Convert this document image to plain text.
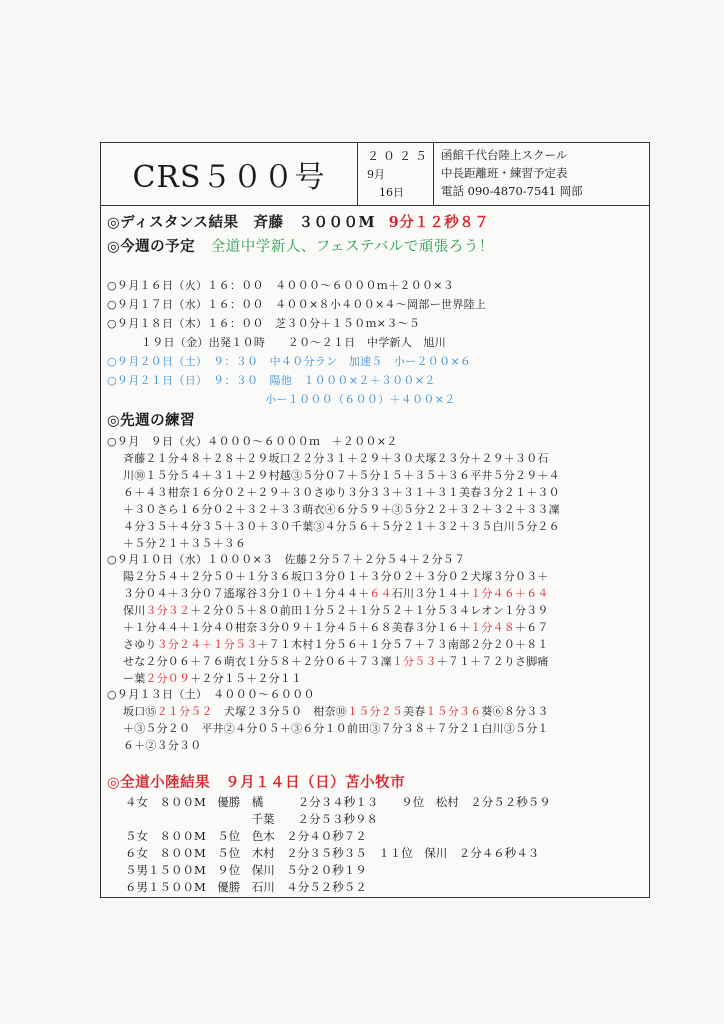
CRS５００号
２０２５
9月
16日
函館千代台陸上スクール
中長距離班・練習予定表
電話 090-4870-7541 岡部
◎ディスタンス結果　斉藤　３０００M 9分１２秒８７
◎今週の予定 全道中学新人、フェステバルで頑張ろう！
○９月１６日（火）１６：００　４０００〜６０００ｍ＋２００×３
○９月１７日（水）１６：００　４００×８小４００×４〜岡部ー世界陸上
○９月１８日（木）１６：００　芝３０分＋１５０ｍ×３〜５
　　　１９日（金）出発１０時　　２０〜２１日　中学新人　旭川
○９月２０日（土）　９：３０　中４０分ラン　加速５　小ー２００×６
○９月２１日（日）　９：３０　陽他　１０００×２＋３００×２
　　　　　　　　　　　　　　小ー１０００（６００）＋４００×２
◎先週の練習
○９月　９日（火）４０００〜６０００ｍ　＋２００×２
斉藤２１分４８＋２８＋２９坂口２２分３１＋２９＋３０犬塚２３分＋２９＋３０石
川⑩１５分５４＋３１＋２９村越③５分０７＋５分１５＋３５＋３６平井５分２９＋４
６＋４３柑奈１６分０２＋２９＋３０さゆり３分３３＋３１＋３１美春３分２１＋３０
＋３０さら１６分０２＋３２＋３３萌衣④６分５９＋③５分２２＋３２＋３２＋３３凜
４分３５＋４分３５＋３０＋３０千葉③４分５６＋５分２１＋３２＋３５白川５分２６
＋５分２１＋３５＋３６
○９月１０日（水）１０００×３　佐藤２分５７＋２分５４＋２分５７
陽２分５４＋２分５０＋１分３６坂口３分０１＋３分０２＋３分０２犬塚３分０３＋
３分０４＋３分０７遙塚谷３分１０＋１分４４＋６４石川３分１４＋１分４６＋６４
保川３分３２＋２分０５＋８０前田１分５２＋１分５２＋１分５３４レオン１分３９
＋１分４４＋１分４０柑奈３分０９＋１分４５＋６８美春３分１６＋１分４８＋６７
さゆり３分２４＋１分５３＋７１木村１分５６＋１分５７＋７３南部２分２０＋８１
せな２分０６＋７６萌衣１分５８＋２分０６＋７３凜１分５３＋７１＋７２りさ脚痛
ー葉２分０９＋２分１５＋２分１１
○９月１３日（土）　４０００〜６０００
坂口⑮２１分５２　犬塚２３分５０　柑奈⑩１５分２５美春１５分３６葵⑥８分３３
＋③５分２０　平井②４分０５＋③６分１０前田③７分３８＋７分２１白川③５分１
６＋②３分３０
◎全道小陸結果　９月１４日（日）苫小牧市
４女　８００M　優勝　橘　　　２分３４秒１３　　９位　松村　２分５２秒５９
　　　　　　　　　　　千葉　　２分５３秒９８
５女　８００M　５位　色木　２分４０秒７２
６女　８００M　５位　木村　２分３５秒３５　１１位　保川　２分４６秒４３
５男１５００M　９位　保川　５分２０秒１９
６男１５００M　優勝　石川　４分５２秒５２
